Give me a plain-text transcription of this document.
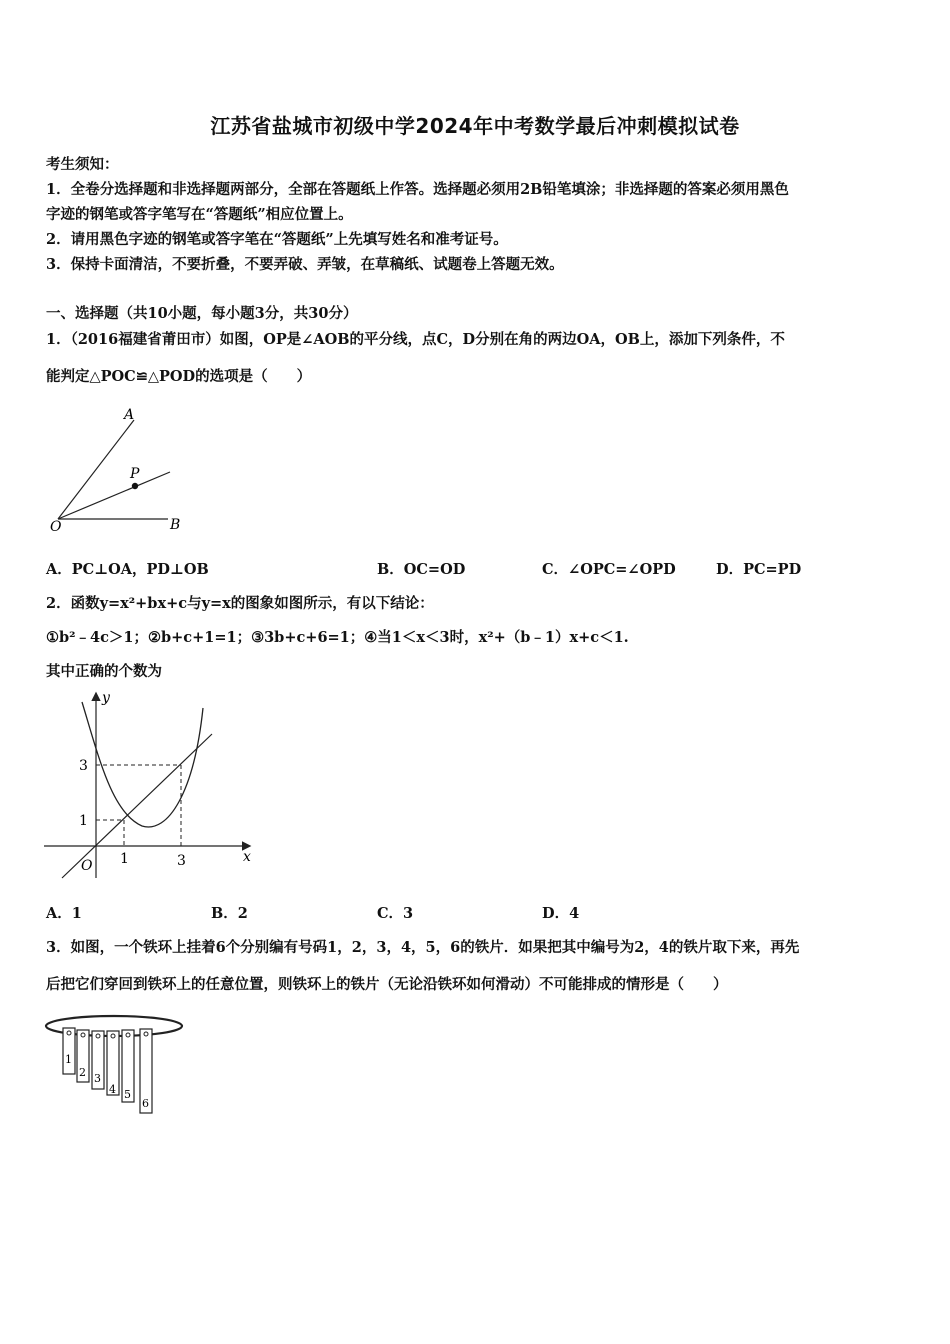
江苏省盐城市初级中学2024年中考数学最后冲刺模拟试卷
考生须知：
1．全卷分选择题和非选择题两部分，全部在答题纸上作答。选择题必须用2B铅笔填涂；非选择题的答案必须用黑色
字迹的钢笔或答字笔写在“答题纸”相应位置上。
2．请用黑色字迹的钢笔或答字笔在“答题纸”上先填写姓名和准考证号。
3．保持卡面清洁，不要折叠，不要弄破、弄皱，在草稿纸、试题卷上答题无效。
一、选择题（共10小题，每小题3分，共30分）
1．（2016福建省莆田市）如图，OP是∠AOB的平分线，点C，D分别在角的两边OA，OB上，添加下列条件，不
能判定△POC≌△POD的选项是（　　）
A
P
O	B
A．PC⊥OA，PD⊥OB	B．OC=OD	C．∠OPC=∠OPD	D．PC=PD
2．函数y=x²+bx+c与y=x的图象如图所示，有以下结论：
①b²﹣4c＞1；②b+c+1=1；③3b+c+6=1；④当1＜x＜3时，x²+（b﹣1）x+c＜1.
其中正确的个数为
y
x
O
3
1
1	3
A．1	B．2	C．3	D．4
3．如图，一个铁环上挂着6个分别编有号码1，2，3，4，5，6的铁片．如果把其中编号为2，4的铁片取下来，再先
后把它们穿回到铁环上的任意位置，则铁环上的铁片（无论沿铁环如何滑动）不可能排成的情形是（　　）
1
2 3
4 5
6
